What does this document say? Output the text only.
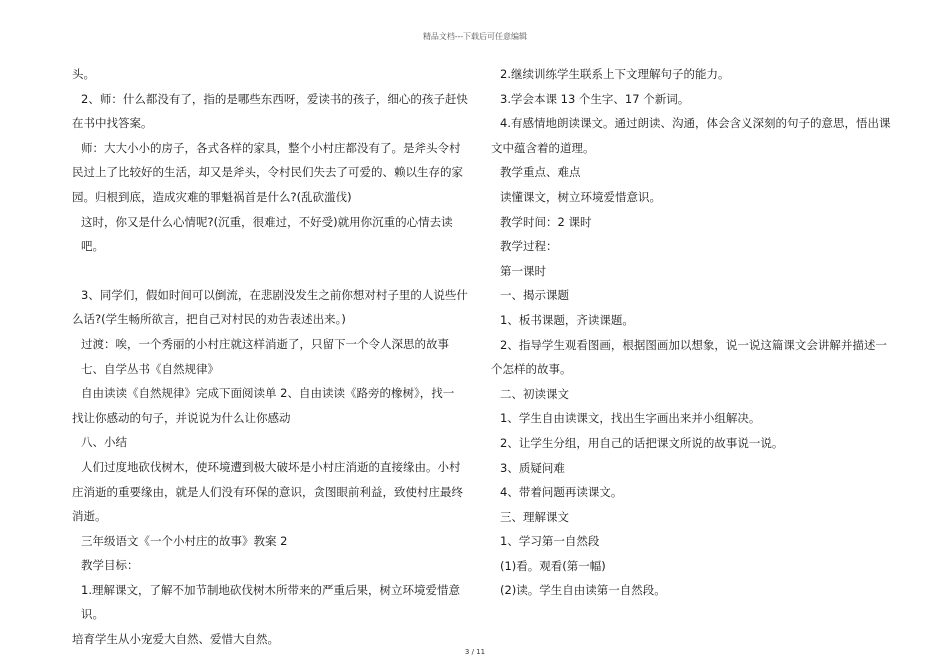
精品文档---下载后可任意编辑

头。

2、师：什么都没有了，指的是哪些东西呀，爱读书的孩子，细心的孩子赶快

在书中找答案。

师：大大小小的房子，各式各样的家具，整个小村庄都没有了。是斧头令村

民过上了比较好的生活，却又是斧头，令村民们失去了可爱的、赖以生存的家

园。归根到底，造成灾难的罪魁祸首是什么?(乱砍滥伐)

这时，你又是什么心情呢?(沉重，很难过，不好受)就用你沉重的心情去读吧。

3、同学们，假如时间可以倒流，在悲剧没发生之前你想对村子里的人说些什

么话?(学生畅所欲言，把自己对村民的劝告表述出来。)

过渡：唉，一个秀丽的小村庄就这样消逝了，只留下一个令人深思的故事

七、自学丛书《自然规律》

自由读读《自然规律》完成下面阅读单 2、自由读读《路旁的橡树》，找一

找让你感动的句子，并说说为什么让你感动

八、小结

人们过度地砍伐树木，使环境遭到极大破坏是小村庄消逝的直接缘由。小村

庄消逝的重要缘由，就是人们没有环保的意识，贪图眼前利益，致使村庄最终

消逝。

三年级语文《一个小村庄的故事》教案 2

教学目标：

1.理解课文，了解不加节制地砍伐树木所带来的严重后果，树立环境爱惜意识。

培育学生从小宠爱大自然、爱惜大自然。

2.继续训练学生联系上下文理解句子的能力。

3.学会本课 13 个生字、17 个新词。

4.有感情地朗读课文。通过朗读、沟通，体会含义深刻的句子的意思，悟出课

文中蕴含着的道理。

教学重点、难点

读懂课文，树立环境爱惜意识。

教学时间：2 课时

教学过程：

第一课时

一、揭示课题

1、板书课题，齐读课题。

2、指导学生观看图画，根据图画加以想象，说一说这篇课文会讲解并描述一

个怎样的故事。

二、初读课文

1、学生自由读课文，找出生字画出来并小组解决。

2、让学生分组，用自己的话把课文所说的故事说一说。

3、质疑问难

4、带着问题再读课文。

三、理解课文

1、学习第一自然段

(1)看。观看(第一幅)

(2)读。学生自由读第一自然段。

3 / 11
